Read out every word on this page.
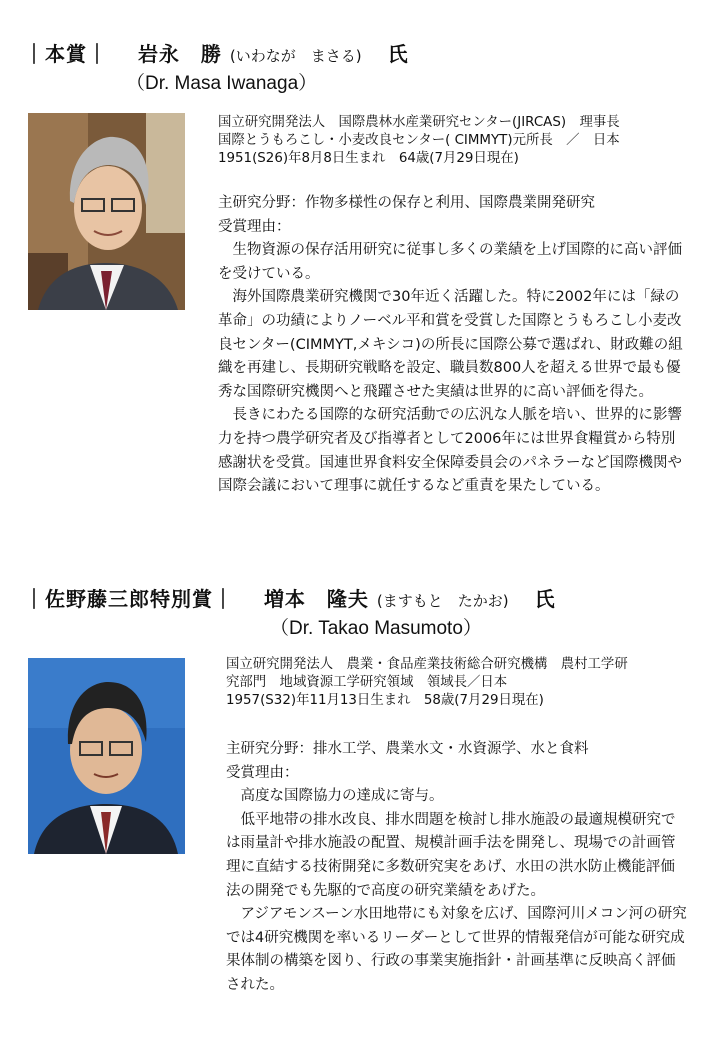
｜本賞｜ 岩永　勝 (いわなが　まさる) 氏
（Dr. Masa Iwanaga）
国立研究開発法人　国際農林水産業研究センター(JIRCAS)　理事長
国際とうもろこし・小麦改良センター( CIMMYT)元所長　／　日本
1951(S26)年8月8日生まれ　64歳(7月29日現在)

主研究分野：作物多様性の保存と利用、国際農業開発研究

受賞理由：

　生物資源の保存活用研究に従事し多くの業績を上げ国際的に高い評価を受けている。

　海外国際農業研究機関で30年近く活躍した。特に2002年には「緑の革命」の功績によりノーベル平和賞を受賞した国際とうもろこし小麦改良センター(CIMMYT,メキシコ)の所長に国際公募で選ばれ、財政難の組織を再建し、長期研究戦略を設定、職員数800人を超える世界で最も優秀な国際研究機関へと飛躍させた実績は世界的に高い評価を得た。

　長きにわたる国際的な研究活動での広汎な人脈を培い、世界的に影響力を持つ農学研究者及び指導者として2006年には世界食糧賞から特別感謝状を受賞。国連世界食料安全保障委員会のパネラーなど国際機関や国際会議において理事に就任するなど重責を果たしている。

｜佐野藤三郎特別賞｜ 増本　隆夫 (ますもと　たかお) 氏
（Dr. Takao Masumoto）
国立研究開発法人　農業・食品産業技術総合研究機構　農村工学研
究部門　地域資源工学研究領域　領域長／日本
1957(S32)年11月13日生まれ　58歳(7月29日現在)

主研究分野：排水工学、農業水文・水資源学、水と食料

受賞理由：

　高度な国際協力の達成に寄与。

　低平地帯の排水改良、排水問題を検討し排水施設の最適規模研究では雨量計や排水施設の配置、規模計画手法を開発し、現場での計画管理に直結する技術開発に多数研究実をあげ、水田の洪水防止機能評価法の開発でも先駆的で高度の研究業績をあげた。

　アジアモンスーン水田地帯にも対象を広げ、国際河川メコン河の研究では4研究機関を率いるリーダーとして世界的情報発信が可能な研究成果体制の構築を図り、行政の事業実施指針・計画基準に反映高く評価された。
